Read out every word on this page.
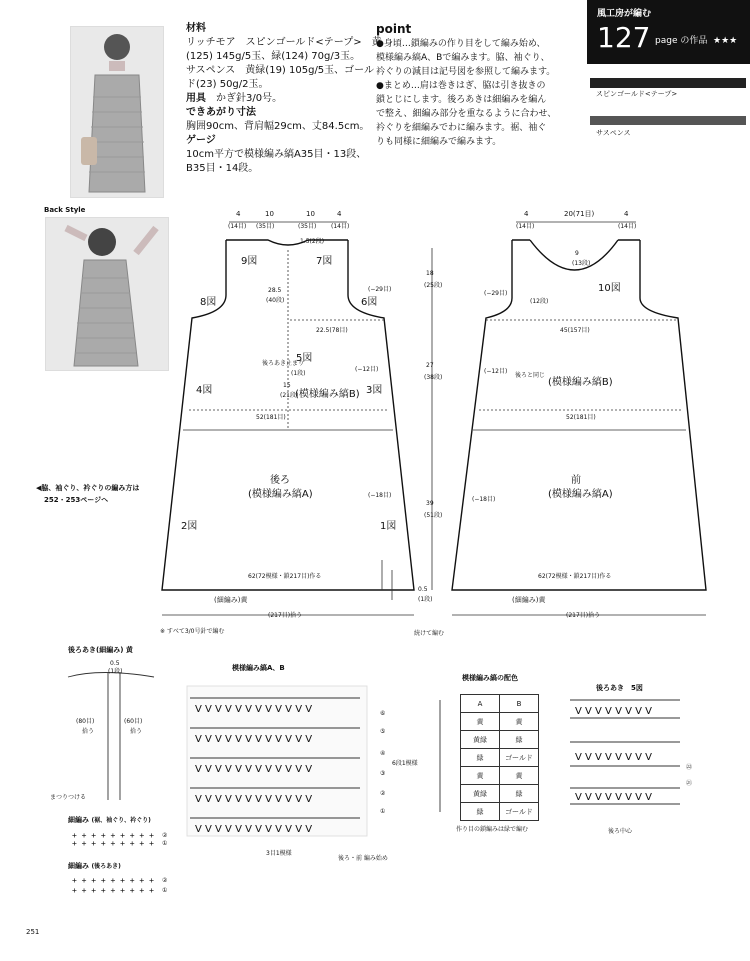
Back Style
材料
リッチモア　スピンゴールド<テープ>　黄
(125) 145g/5玉、緑(124) 70g/3玉。
サスペンス　黄緑(19) 105g/5玉、ゴール
ド(23) 50g/2玉。
用具　 かぎ針3/0号。
できあがり寸法
胸囲90cm、背肩幅29cm、丈84.5cm。
ゲージ
10cm平方で模様編み縞A35目・13段、
B35目・14段。
point
●身頃…鎖編みの作り目をして編み始め、
模様編み縞A、Bで編みます。脇、袖ぐり、
衿ぐりの減目は記号図を参照して編みます。
●まとめ…肩は巻きはぎ、脇は引き抜きの
鎖とじにします。後ろあきは細編みを編ん
で整え、細編み部分を重なるように合わせ、
衿ぐりを細編みでわに編みます。裾、袖ぐ
りも同様に細編みで編みます。
風工房が編む
127 page の作品 ★★★
スピンゴールド<テープ>
サスペンス
V V V V V V V V
V V V V V V V V
V V V V V V V V
V V V V V V V V V V V V
V V V V V V V V V V V V
V V V V V V V V V V V V
V V V V V V V V V V V V
V V V V V V V V V V V V
+ + + + + + + + +
+ + + + + + + + +
+ + + + + + + + +
+ + + + + + + + +
4	10	10	4
(14目) (35目)	(35目) (14目)
1.5(2段)
9図	7図
8図	6図
(−29目)
28.5
(40段)
22.5(78目)
5図
(−12目)
後ろあき止まり
(1段)
15
(21段)
4図	(模様編み縞B) 3図
52(181目)
後ろ
(模様編み縞A)	(−18目)
2図	1図
62(72模様・鎖217目)作る
(細編み)黄
(217目)拾う
18
(25段)
27
(38段)
39
(51段)
0.5
(1段)
続けて編む
4	20(71目)	4
(14目)	(14目)
9
(13段)
10図
(−29目)
(12段)
45(157目)
(−12目)
後ろと同じ
(模様編み縞B)
52(181目)
前
(模様編み縞A)
(−18目)
62(72模様・鎖217目)作る
(細編み)黄
(217目)拾う
◀脇、袖ぐり、衿ぐりの編み方は
252・253ページへ
※ すべて3/0号針で編む
後ろあき(細編み) 黄
0.5
(1段)
(80目)
拾う
(60目)
拾う
まつりつける
細編み (裾、袖ぐり、衿ぐり)
②
①
細編み (後ろあき)
②
①
模様編み縞A、B
⑥
⑤
④
③
②
①
6段1模様
3目1模様
後ろ・前 編み始め
模様編み縞の配色
A	B
黄	黄
黄緑	緑
緑	ゴールド
黄	黄
黄緑	緑
緑	ゴールド
作り目の鎖編みは緑で編む
後ろあき　5図
㉒
㉑
後ろ中心
251
